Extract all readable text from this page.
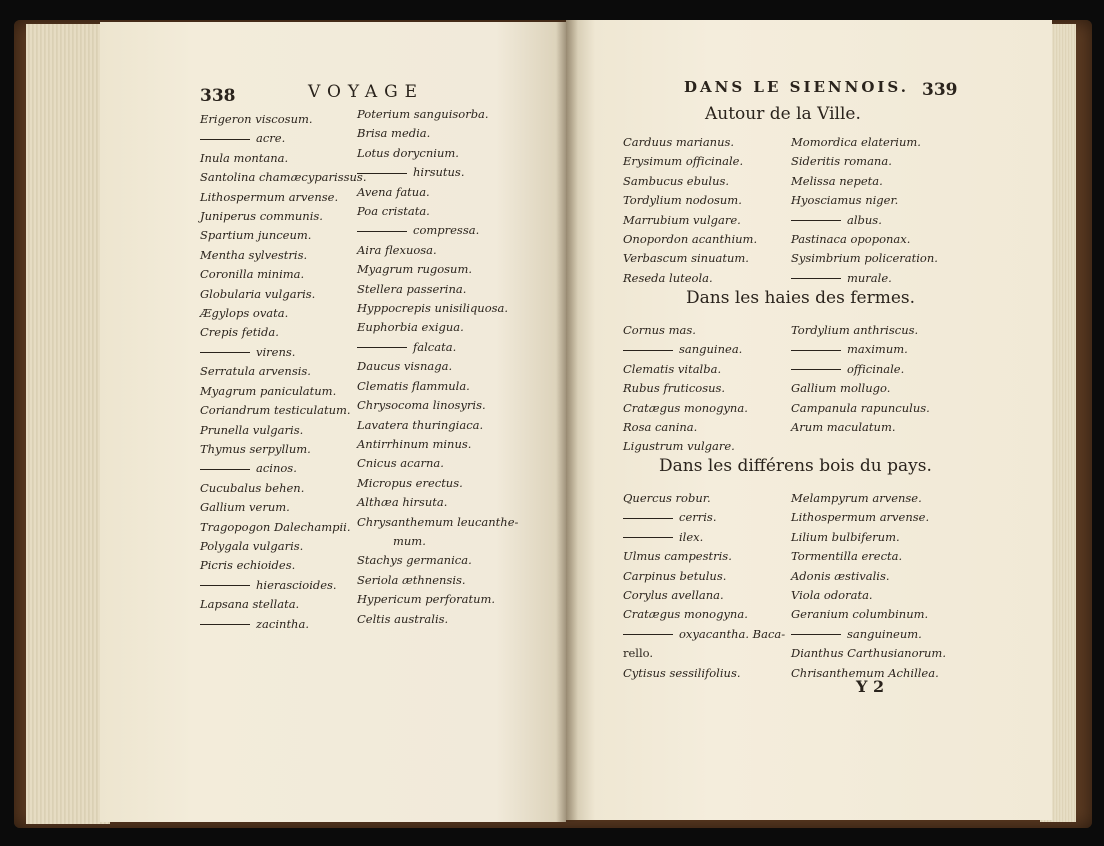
338	VOYAGE
Erigeron viscosum.
acre.
Inula montana.
Santolina chamæcyparissus.
Lithospermum arvense.
Juniperus communis.
Spartium junceum.
Mentha sylvestris.
Coronilla minima.
Globularia vulgaris.
Ægylops ovata.
Crepis fetida.
virens.
Serratula arvensis.
Myagrum paniculatum.
Coriandrum testiculatum.
Prunella vulgaris.
Thymus serpyllum.
acinos.
Cucubalus behen.
Gallium verum.
Tragopogon Dalechampii.
Polygala vulgaris.
Picris echioides.
hierascioides.
Lapsana stellata.
zacintha.
Poterium sanguisorba.
Brisa media.
Lotus dorycnium.
hirsutus.
Avena fatua.
Poa cristata.
compressa.
Aira flexuosa.
Myagrum rugosum.
Stellera passerina.
Hyppocrepis unisiliquosa.
Euphorbia exigua.
falcata.
Daucus visnaga.
Clematis flammula.
Chrysocoma linosyris.
Lavatera thuringiaca.
Antirrhinum minus.
Cnicus acarna.
Micropus erectus.
Althæa hirsuta.
Chrysanthemum leucanthe-
mum.
Stachys germanica.
Seriola æthnensis.
Hypericum perforatum.
Celtis australis.
DANS LE SIENNOIS. 339
Autour de la Ville.
Carduus marianus.
Erysimum officinale.
Sambucus ebulus.
Tordylium nodosum.
Marrubium vulgare.
Onopordon acanthium.
Verbascum sinuatum.
Reseda luteola.
Momordica elaterium.
Sideritis romana.
Melissa nepeta.
Hyosciamus niger.
albus.
Pastinaca opoponax.
Sysimbrium policeration.
murale.
Dans les haies des fermes.
Cornus mas.
sanguinea.
Clematis vitalba.
Rubus fruticosus.
Cratægus monogyna.
Rosa canina.
Ligustrum vulgare.
Tordylium anthriscus.
maximum.
officinale.
Gallium mollugo.
Campanula rapunculus.
Arum maculatum.
Dans les différens bois du pays.
Quercus robur.
cerris.
ilex.
Ulmus campestris.
Carpinus betulus.
Corylus avellana.
Cratægus monogyna.
oxyacantha. Baca-
rello.
Cytisus sessilifolius.
Melampyrum arvense.
Lithospermum arvense.
Lilium bulbiferum.
Tormentilla erecta.
Adonis æstivalis.
Viola odorata.
Geranium columbinum.
sanguineum.
Dianthus Carthusianorum.
Chrisanthemum Achillea.
Y 2
